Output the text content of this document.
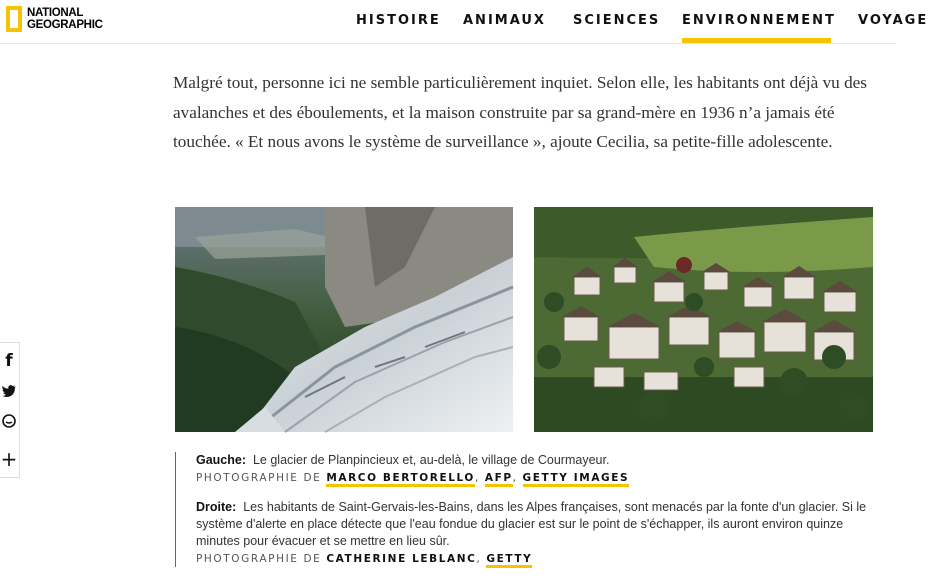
NATIONAL
GEOGRAPHIC	HISTOIRE ANIMAUX SCIENCES ENVIRONNEMENT VOYAGE

Malgré tout, personne ici ne semble particulièrement inquiet. Selon elle, les habitants ont déjà vu des avalanches et des éboulements, et la maison construite par sa grand-mère en 1936 n’a jamais été touchée. « Et nous avons le système de surveillance », ajoute Cecilia, sa petite-fille adolescente.

f
+	Gauche: Le glacier de Planpincieux et, au-delà, le village de Courmayeur.
PHOTOGRAPHIE DE MARCO BERTORELLO, AFP, GETTY IMAGES
Droite: Les habitants de Saint-Gervais-les-Bains, dans les Alpes françaises, sont menacés par la fonte d'un glacier. Si le système d'alerte en place détecte que l'eau fondue du glacier est sur le point de s'échapper, ils auront environ quinze minutes pour évacuer et se mettre en lieu sûr.
PHOTOGRAPHIE DE CATHERINE LEBLANC, GETTY
